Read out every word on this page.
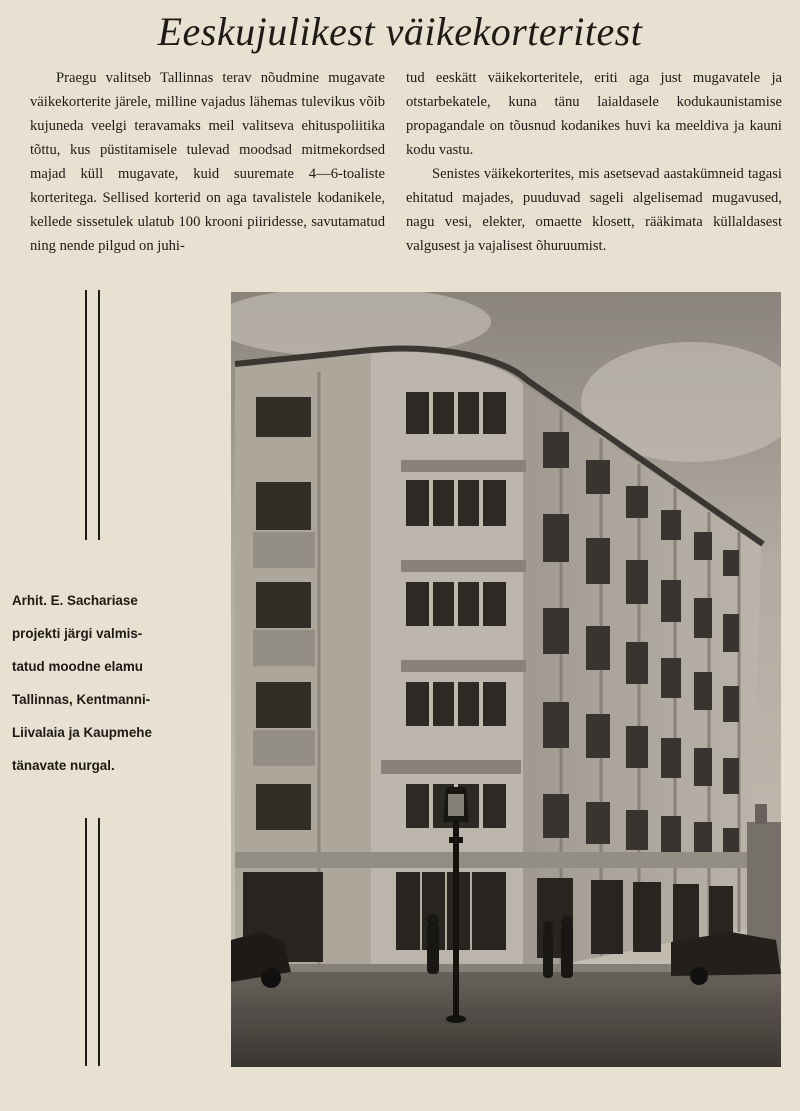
Eeskujulikest väikekorteritest

Praegu valitseb Tallinnas terav nõudmine mugavate väikekorterite järele, milline vajadus lähemas tulevikus võib kujuneda veelgi teravamaks meil valitseva ehituspoliitika tõttu, kus püstitamisele tulevad moodsad mitmekordsed majad küll mugavate, kuid suuremate 4—6-toaliste korteritega. Sellised korterid on aga tavalistele kodanikele, kellede sissetulek ulatub 100 krooni piiridesse, savutamatud ning nende pilgud on juhi-

tud eeskätt väikekorteritele, eriti aga just mugavatele ja otstarbekatele, kuna tänu laialdasele kodukaunistamise propagandale on tõusnud kodanikes huvi ka meeldiva ja kauni kodu vastu.

Senistes väikekorterites, mis asetsevad aastakümneid tagasi ehitatud majades, puuduvad sageli algelisemad mugavused, nagu vesi, elekter, omaette klosett, rääkimata küllaldasest valgusest ja vajalisest õhuruumist.

Arhit. E. Sachariase
projekti järgi valmis-
tatud moodne elamu
Tallinnas, Kentmanni-
Liivalaia ja Kaupmehe
tänavate nurgal.
